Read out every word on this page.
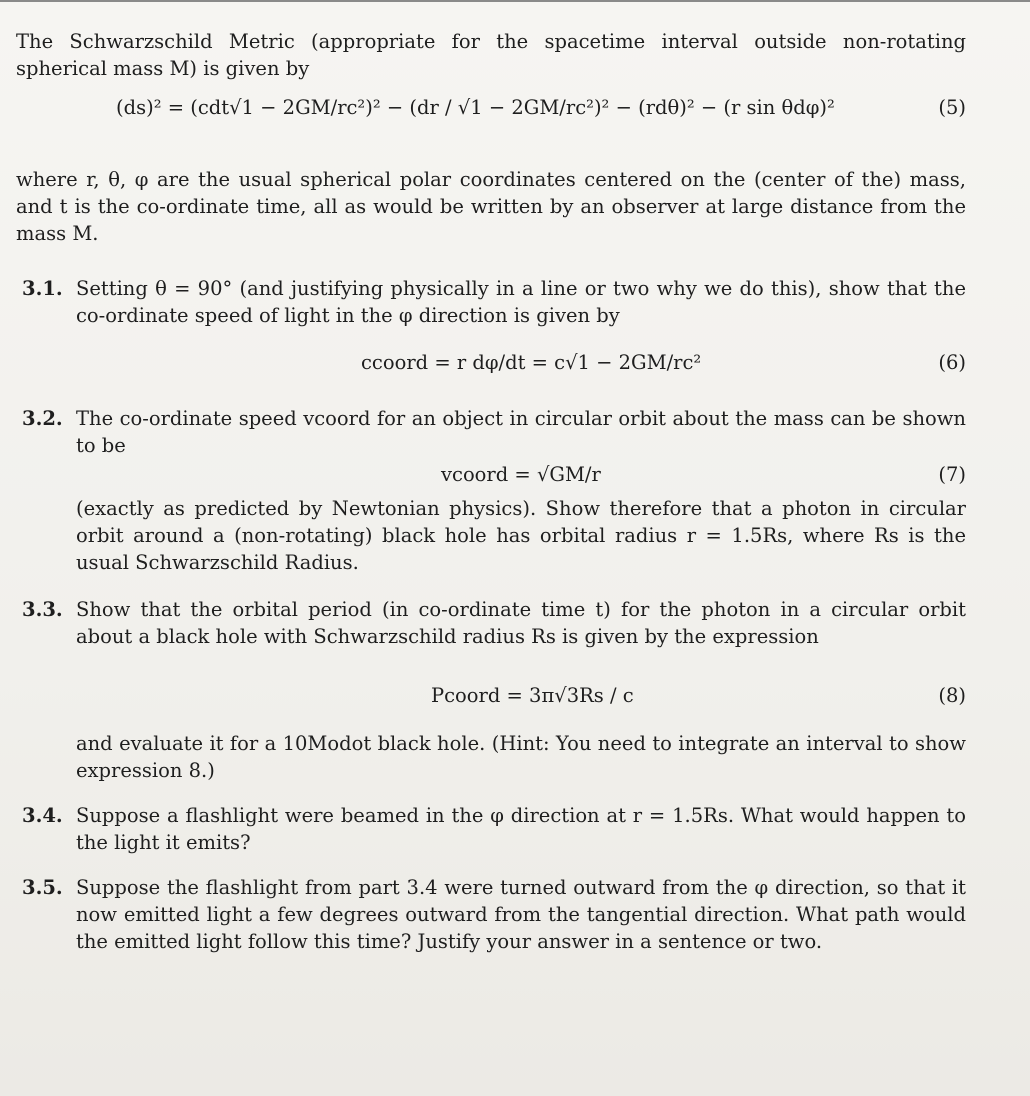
The Schwarzschild Metric (appropriate for the spacetime interval outside non-rotating spherical mass M) is given by

(ds)² = (cdt√1 − 2GM/rc²)² − (dr / √1 − 2GM/rc²)² − (rdθ)² − (r sin θdφ)²	(5)

where r, θ, φ are the usual spherical polar coordinates centered on the (center of the) mass, and t is the co-ordinate time, all as would be written by an observer at large distance from the mass M.

3.1. Setting θ = 90° (and justifying physically in a line or two why we do this), show that the co-ordinate speed of light in the φ direction is given by
ccoord = r dφ/dt = c√1 − 2GM/rc²	(6)
3.2. The co-ordinate speed vcoord for an object in circular orbit about the mass can be shown to be
vcoord = √GM/r	(7)
(exactly as predicted by Newtonian physics). Show therefore that a photon in circular orbit around a (non-rotating) black hole has orbital radius r = 1.5Rs, where Rs is the usual Schwarzschild Radius.
3.3. Show that the orbital period (in co-ordinate time t) for the photon in a circular orbit about a black hole with Schwarzschild radius Rs is given by the expression
Pcoord = 3π√3Rs / c	(8)
and evaluate it for a 10Modot black hole. (Hint: You need to integrate an interval to show expression 8.)
3.4. Suppose a flashlight were beamed in the φ direction at r = 1.5Rs. What would happen to the light it emits?
3.5. Suppose the flashlight from part 3.4 were turned outward from the φ direction, so that it now emitted light a few degrees outward from the tangential direction. What path would the emitted light follow this time? Justify your answer in a sentence or two.
